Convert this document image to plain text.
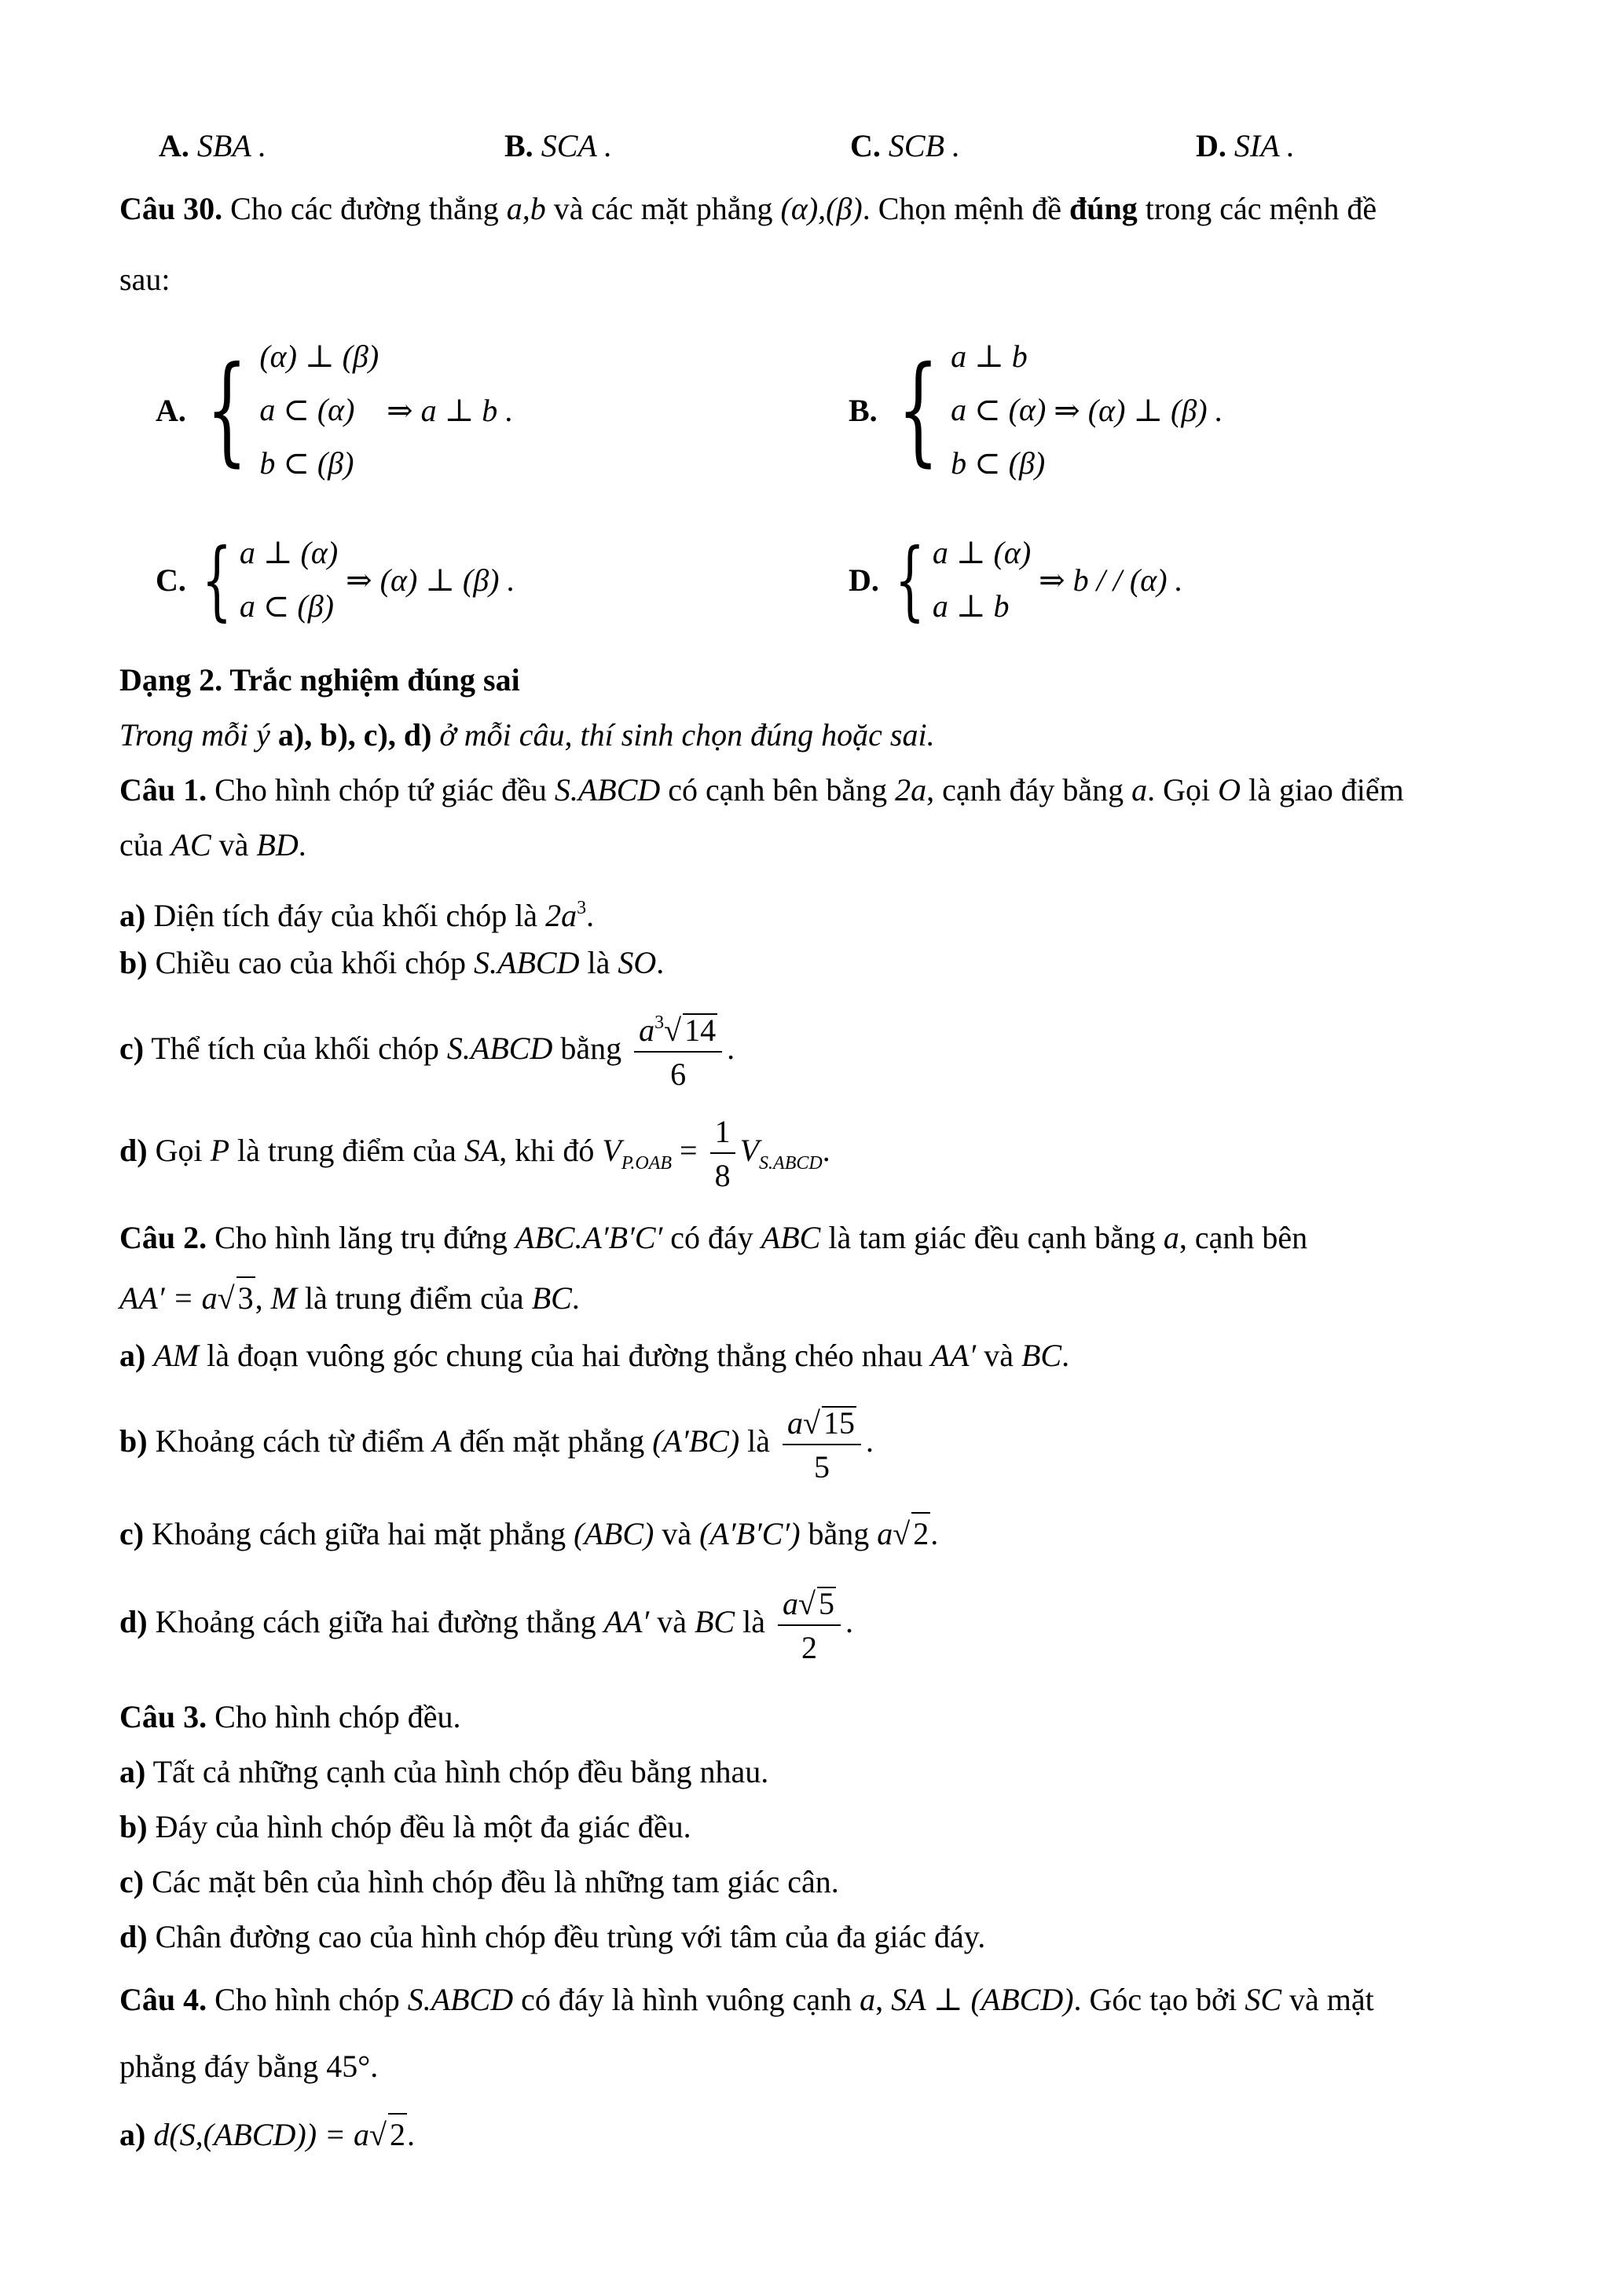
A. SBA .	B. SCA .	C. SCB .	D. SIA .
Câu 30. Cho các đường thẳng a,b và các mặt phẳng (α),(β). Chọn mệnh đề đúng trong các mệnh đề
sau:
A. { (α) ⊥ (β)
a ⊂ (α)
b ⊂ (β)
⇒ a ⊥ b .	B. { a ⊥ b
a ⊂ (α)
b ⊂ (β)
⇒ (α) ⊥ (β) .
C. { a ⊥ (α)
a ⊂ (β)
⇒ (α) ⊥ (β) .	D. { a ⊥ (α)
a ⊥ b
⇒ b / / (α) .
Dạng 2. Trắc nghiệm đúng sai
Trong mỗi ý a), b), c), d) ở mỗi câu, thí sinh chọn đúng hoặc sai.
Câu 1. Cho hình chóp tứ giác đều S.ABCD có cạnh bên bằng 2a, cạnh đáy bằng a. Gọi O là giao điểm
của AC và BD.
a) Diện tích đáy của khối chóp là $2a^3$.
b) Chiều cao của khối chóp S.ABCD là SO.
c) Thể tích của khối chóp S.ABCD bằng $\frac{a^3√ 14}{6}$ .
d) Gọi P là trung điểm của SA, khi đó $V_{P.OAB} = \frac{1}{8} V_{S.ABCD}$.
Câu 2. Cho hình lăng trụ đứng ABC.A′B′C′ có đáy ABC là tam giác đều cạnh bằng a, cạnh bên
AA′ = a√ 3, M là trung điểm của BC.
a) AM là đoạn vuông góc chung của hai đường thẳng chéo nhau AA′ và BC.
b) Khoảng cách từ điểm A đến mặt phẳng (A′BC) là $\frac{a√ 15}{5}$ .
c) Khoảng cách giữa hai mặt phẳng (ABC) và (A′B′C′) bằng a√ 2.
d) Khoảng cách giữa hai đường thẳng AA′ và BC là $\frac{a√ 5}{2}$ .
Câu 3. Cho hình chóp đều.
a) Tất cả những cạnh của hình chóp đều bằng nhau.
b) Đáy của hình chóp đều là một đa giác đều.
c) Các mặt bên của hình chóp đều là những tam giác cân.
d) Chân đường cao của hình chóp đều trùng với tâm của đa giác đáy.
Câu 4. Cho hình chóp S.ABCD có đáy là hình vuông cạnh a, SA ⊥ (ABCD). Góc tạo bởi SC và mặt
phẳng đáy bằng 45°.
a) d(S,(ABCD)) = a√ 2.
